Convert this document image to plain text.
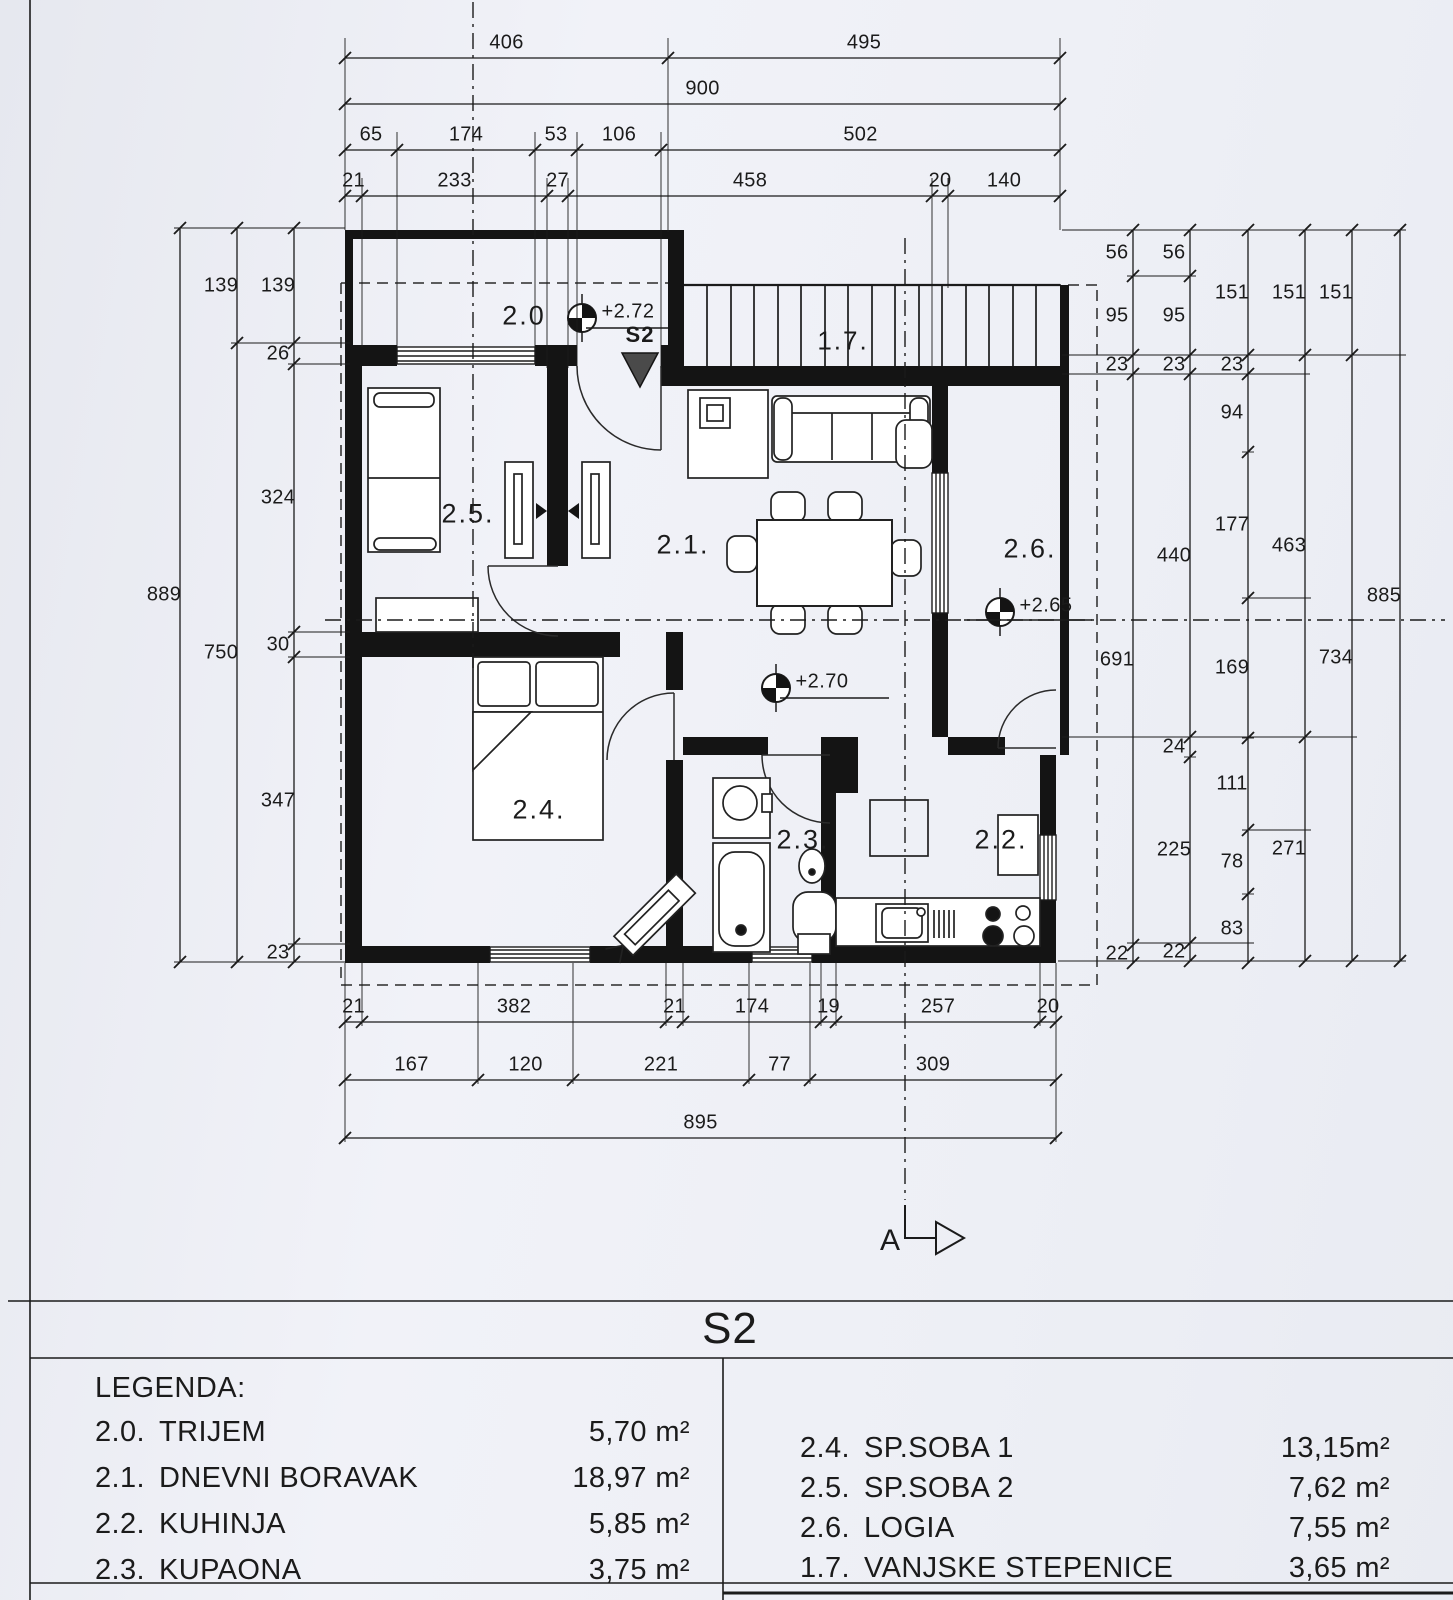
406	495
900
65	174	53 106	502
21	233	27	458	20 140
21	382	21 174 19	257	20
167	120	221	77	309
895
889
139
750
139
26
324
30
347
23
56
95
23
691
22
56
95
23
440
24
225
22
151
23
94
177
169
111
78
83
151
463
271
151
734
885
2.0
1.7.
2.5.
2.1.	2.6.
2.4.
2.3.	2.2.
+2.72
S2
+2.65
+2.70
A
S2
LEGENDA:
2.0. TRIJEM	5,70 m²
2.1. DNEVNI BORAVAK	18,97 m²
2.2. KUHINJA	5,85 m²
2.3. KUPAONA	3,75 m²
2.4. SP.SOBA 1	13,15m²
2.5. SP.SOBA 2	7,62 m²
2.6. LOGIA	7,55 m²
1.7. VANJSKE STEPENICE	3,65 m²
